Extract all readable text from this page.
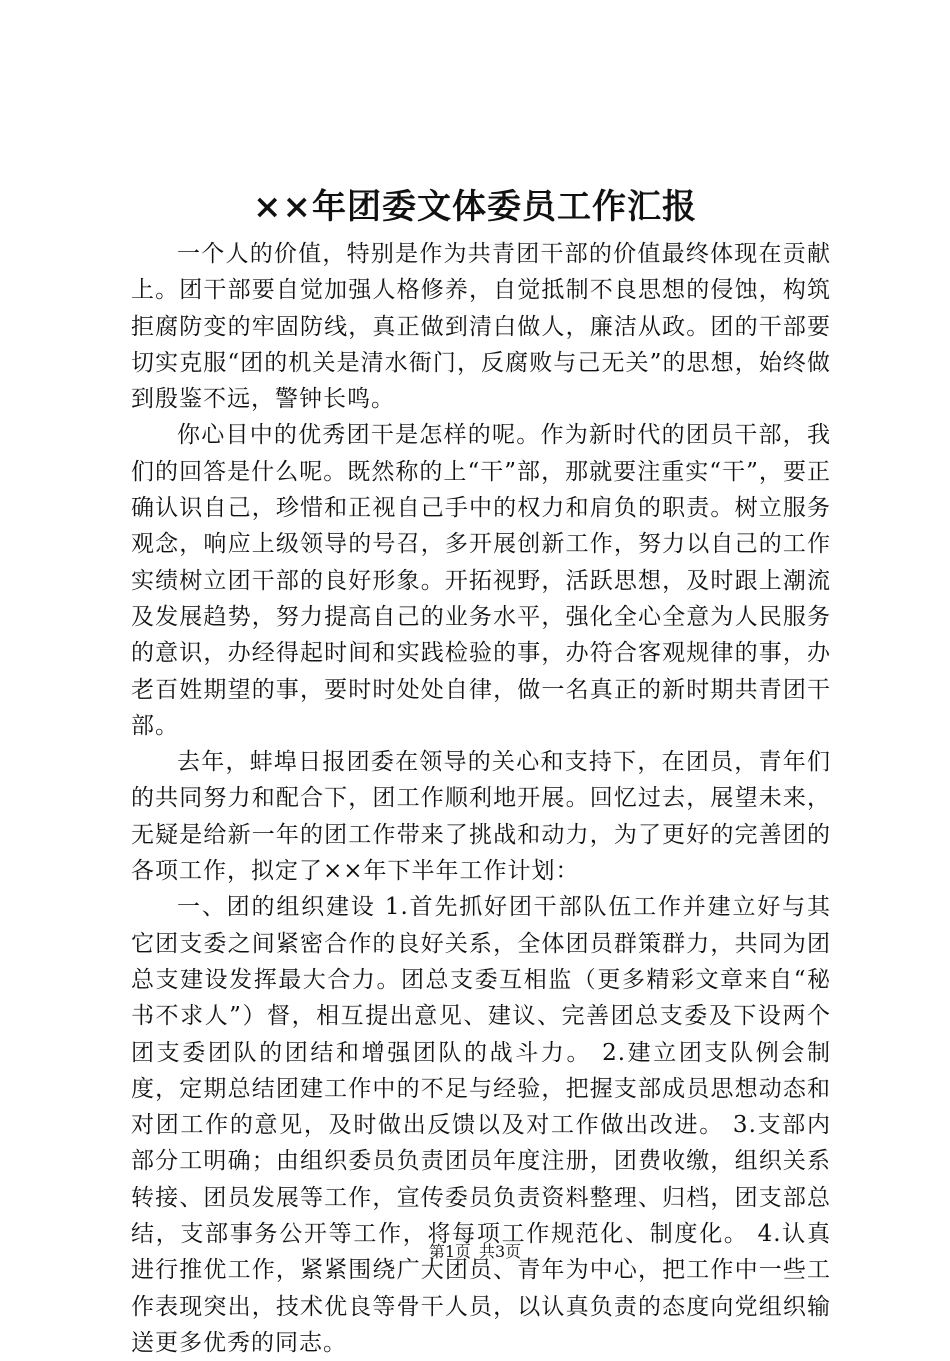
××年团委文体委员工作汇报

一个人的价值，特别是作为共青团干部的价值最终体现在贡献上。团干部要自觉加强人格修养，自觉抵制不良思想的侵蚀，构筑拒腐防变的牢固防线，真正做到清白做人，廉洁从政。团的干部要切实克服“团的机关是清水衙门，反腐败与己无关”的思想，始终做到殷鉴不远，警钟长鸣。

你心目中的优秀团干是怎样的呢。作为新时代的团员干部，我们的回答是什么呢。既然称的上“干”部，那就要注重实“干”，要正确认识自己，珍惜和正视自己手中的权力和肩负的职责。树立服务观念，响应上级领导的号召，多开展创新工作，努力以自己的工作实绩树立团干部的良好形象。开拓视野，活跃思想，及时跟上潮流及发展趋势，努力提高自己的业务水平，强化全心全意为人民服务的意识，办经得起时间和实践检验的事，办符合客观规律的事，办老百姓期望的事，要时时处处自律，做一名真正的新时期共青团干部。

去年，蚌埠日报团委在领导的关心和支持下，在团员，青年们的共同努力和配合下，团工作顺利地开展。回忆过去，展望未来，无疑是给新一年的团工作带来了挑战和动力，为了更好的完善团的各项工作，拟定了××年下半年工作计划：

一、团的组织建设 1.首先抓好团干部队伍工作并建立好与其它团支委之间紧密合作的良好关系，全体团员群策群力，共同为团总支建设发挥最大合力。团总支委互相监（更多精彩文章来自“秘书不求人”）督，相互提出意见、建议、完善团总支委及下设两个团支委团队的团结和增强团队的战斗力。 2.建立团支队例会制度，定期总结团建工作中的不足与经验，把握支部成员思想动态和对团工作的意见，及时做出反馈以及对工作做出改进。 3.支部内部分工明确；由组织委员负责团员年度注册，团费收缴，组织关系转接、团员发展等工作，宣传委员负责资料整理、归档，团支部总结，支部事务公开等工作，将每项工作规范化、制度化。 4.认真进行推优工作，紧紧围绕广大团员、青年为中心，把工作中一些工作表现突出，技术优良等骨干人员，以认真负责的态度向党组织输送更多优秀的同志。

第1页 共3页
